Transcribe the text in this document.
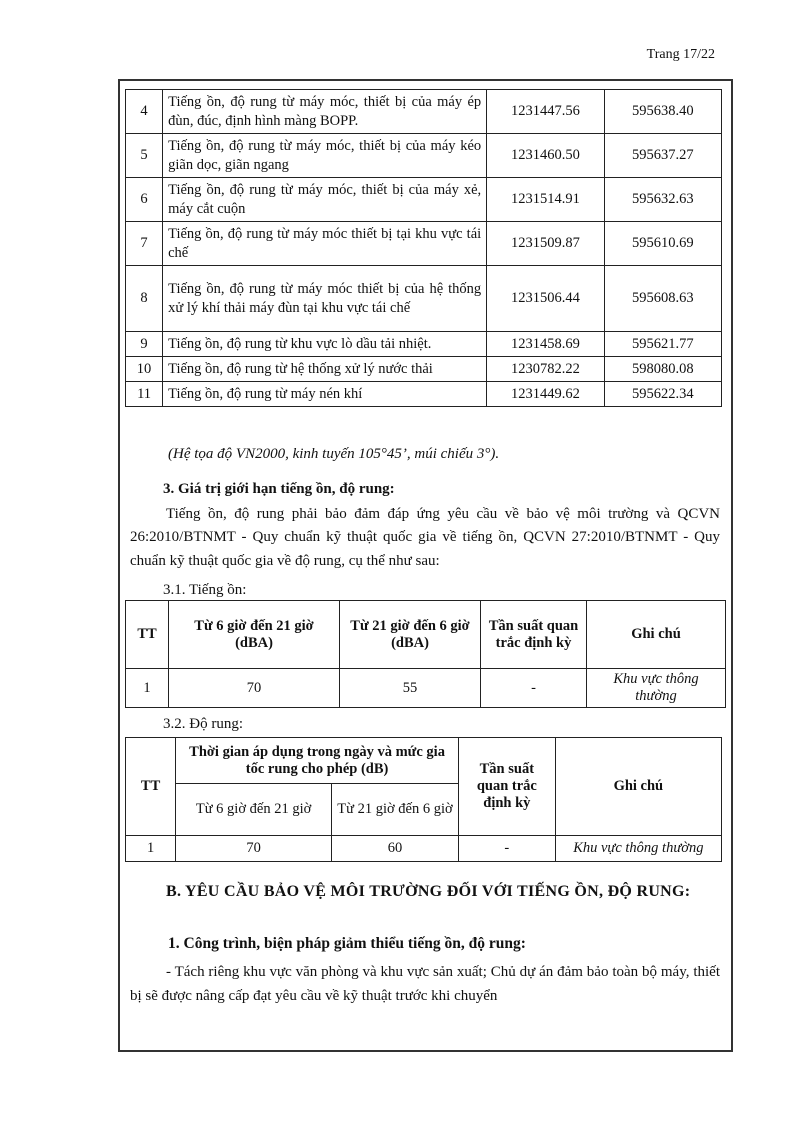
Trang 17/22
4	Tiếng ồn, độ rung từ máy móc, thiết bị của máy ép đùn, đúc, định hình màng BOPP.	1231447.56	595638.40
5	Tiếng ồn, độ rung từ máy móc, thiết bị của máy kéo giãn dọc, giãn ngang	1231460.50	595637.27
6	Tiếng ồn, độ rung từ máy móc, thiết bị của máy xẻ, máy cắt cuộn	1231514.91	595632.63
7	Tiếng ồn, độ rung từ máy móc thiết bị tại khu vực tái chế	1231509.87	595610.69
8	Tiếng ồn, độ rung từ máy móc thiết bị của hệ thống xử lý khí thải máy đùn tại khu vực tái chế	1231506.44	595608.63
9	Tiếng ồn, độ rung từ khu vực lò dầu tải nhiệt.	1231458.69	595621.77
10	Tiếng ồn, độ rung từ hệ thống xử lý nước thải	1230782.22	598080.08
11	Tiếng ồn, độ rung từ máy nén khí	1231449.62	595622.34
(Hệ tọa độ VN2000, kinh tuyến 105°45’, múi chiếu 3°).
3. Giá trị giới hạn tiếng ồn, độ rung:
Tiếng ồn, độ rung phải bảo đảm đáp ứng yêu cầu về bảo vệ môi trường và QCVN 26:2010/BTNMT - Quy chuẩn kỹ thuật quốc gia về tiếng ồn, QCVN 27:2010/BTNMT - Quy chuẩn kỹ thuật quốc gia về độ rung, cụ thể như sau:
3.1. Tiếng ồn:
TT	Từ 6 giờ đến 21 giờ (dBA)	Từ 21 giờ đến 6 giờ (dBA)	Tần suất quan trắc định kỳ	Ghi chú
1	70	55	-	Khu vực thông thường
3.2. Độ rung:
TT	Thời gian áp dụng trong ngày và mức gia tốc rung cho phép (dB)		Tần suất quan trắc định kỳ	Ghi chú
	Từ 6 giờ đến 21 giờ	Từ 21 giờ đến 6 giờ		
1	70	60	-	Khu vực thông thường
B. YÊU CẦU BẢO VỆ MÔI TRƯỜNG ĐỐI VỚI TIẾNG ỒN, ĐỘ RUNG:
1. Công trình, biện pháp giảm thiểu tiếng ồn, độ rung:
- Tách riêng khu vực văn phòng và khu vực sản xuất; Chủ dự án đảm bảo toàn bộ máy, thiết bị sẽ được nâng cấp đạt yêu cầu về kỹ thuật trước khi chuyển
